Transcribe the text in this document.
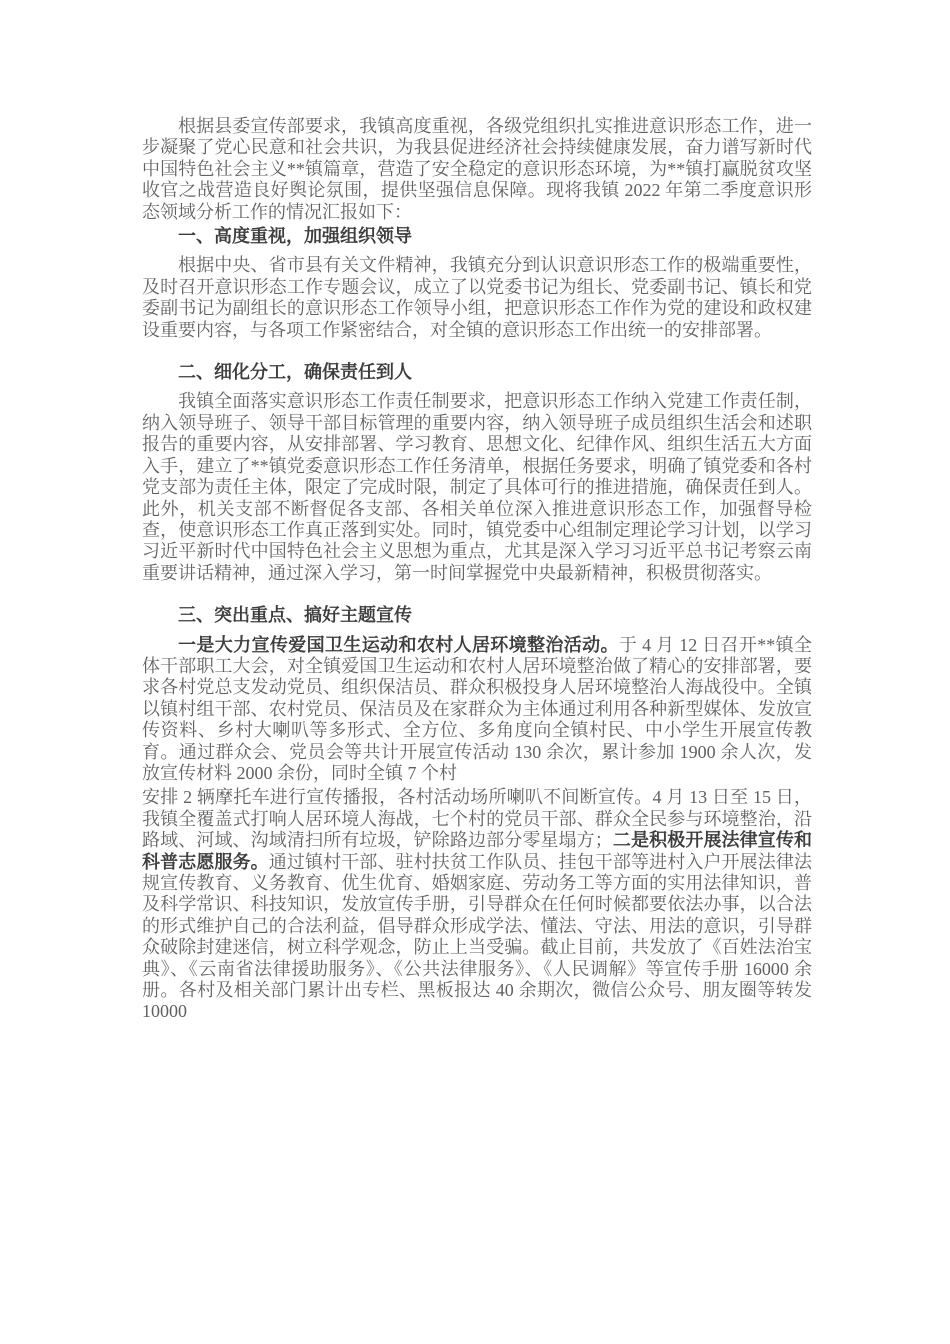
根据县委宣传部要求，我镇高度重视，各级党组织扎实推进意识形态工作，进一步凝聚了党心民意和社会共识，为我县促进经济社会持续健康发展，奋力谱写新时代中国特色社会主义**镇篇章，营造了安全稳定的意识形态环境，为**镇打赢脱贫攻坚收官之战营造良好舆论氛围，提供坚强信息保障。现将我镇 2022 年第二季度意识形态领域分析工作的情况汇报如下：

一、高度重视，加强组织领导

根据中央、省市县有关文件精神，我镇充分到认识意识形态工作的极端重要性，及时召开意识形态工作专题会议，成立了以党委书记为组长、党委副书记、镇长和党委副书记为副组长的意识形态工作领导小组，把意识形态工作作为党的建设和政权建设重要内容，与各项工作紧密结合，对全镇的意识形态工作出统一的安排部署。

二、细化分工，确保责任到人

我镇全面落实意识形态工作责任制要求，把意识形态工作纳入党建工作责任制，纳入领导班子、领导干部目标管理的重要内容，纳入领导班子成员组织生活会和述职报告的重要内容，从安排部署、学习教育、思想文化、纪律作风、组织生活五大方面入手，建立了**镇党委意识形态工作任务清单，根据任务要求，明确了镇党委和各村党支部为责任主体，限定了完成时限，制定了具体可行的推进措施，确保责任到人。此外，机关支部不断督促各支部、各相关单位深入推进意识形态工作，加强督导检查，使意识形态工作真正落到实处。同时，镇党委中心组制定理论学习计划，以学习习近平新时代中国特色社会主义思想为重点，尤其是深入学习习近平总书记考察云南重要讲话精神，通过深入学习，第一时间掌握党中央最新精神，积极贯彻落实。

三、突出重点、搞好主题宣传

一是大力宣传爱国卫生运动和农村人居环境整治活动。于 4 月 12 日召开**镇全体干部职工大会，对全镇爱国卫生运动和农村人居环境整治做了精心的安排部署，要求各村党总支发动党员、组织保洁员、群众积极投身人居环境整治人海战役中。全镇以镇村组干部、农村党员、保洁员及在家群众为主体通过利用各种新型媒体、发放宣传资料、乡村大喇叭等多形式、全方位、多角度向全镇村民、中小学生开展宣传教育。通过群众会、党员会等共计开展宣传活动 130 余次，累计参加 1900 余人次，发放宣传材料 2000 余份，同时全镇 7 个村

安排 2 辆摩托车进行宣传播报，各村活动场所喇叭不间断宣传。4 月 13 日至 15 日，我镇全覆盖式打响人居环境人海战，七个村的党员干部、群众全民参与环境整治，沿路域、河域、沟域清扫所有垃圾，铲除路边部分零星塌方；二是积极开展法律宣传和科普志愿服务。通过镇村干部、驻村扶贫工作队员、挂包干部等进村入户开展法律法规宣传教育、义务教育、优生优育、婚姻家庭、劳动务工等方面的实用法律知识，普及科学常识、科技知识，发放宣传手册，引导群众在任何时候都要依法办事，以合法的形式维护自己的合法利益，倡导群众形成学法、懂法、守法、用法的意识，引导群众破除封建迷信，树立科学观念，防止上当受骗。截止目前，共发放了《百姓法治宝典》、《云南省法律援助服务》、《公共法律服务》、《人民调解》等宣传手册 16000 余册。各村及相关部门累计出专栏、黑板报达 40 余期次，微信公众号、朋友圈等转发 10000
